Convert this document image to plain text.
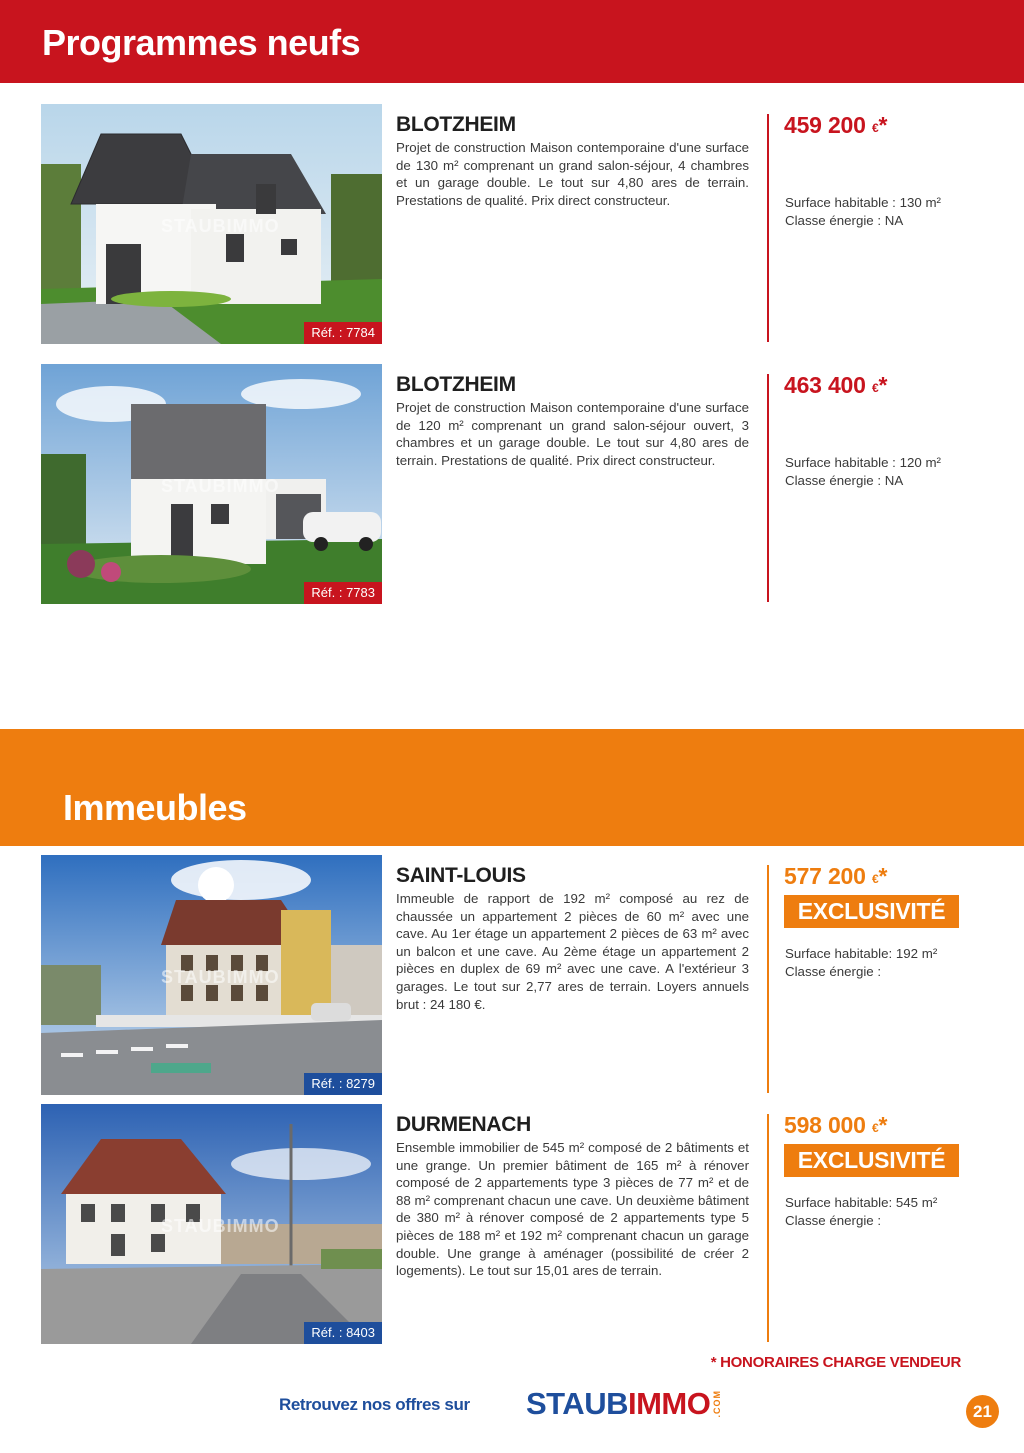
Programmes neufs
STAUBIMMO
Réf. : 7784
BLOTZHEIM
Projet de construction Maison contemporaine d'une surface de 130 m² comprenant un grand salon-séjour, 4 chambres et un garage double. Le tout sur 4,80 ares de terrain. Prestations de qualité. Prix direct constructeur.
459 200 €*
Surface habitable : 130 m²
Classe énergie : NA
STAUBIMMO
Réf. : 7783
BLOTZHEIM
Projet de construction Maison contemporaine d'une surface de 120 m² comprenant un grand salon-séjour ouvert, 3 chambres et un garage double. Le tout sur 4,80 ares de terrain. Prestations de qualité. Prix direct constructeur.
463 400 €*
Surface habitable : 120 m²
Classe énergie : NA
Immeubles
STAUBIMMO
Réf. : 8279
SAINT-LOUIS
Immeuble de rapport de 192 m² composé au rez de chaussée un appartement 2 pièces de 60 m² avec une cave. Au 1er étage un appartement 2 pièces de 63 m² avec un balcon et une cave. Au 2ème étage un appartement 2 pièces en duplex de 69 m² avec une cave. A l'extérieur 3 garages. Le tout sur 2,77 ares de terrain. Loyers annuels brut : 24 180 €.
577 200 €*
EXCLUSIVITÉ
Surface habitable: 192 m²
Classe énergie :
STAUBIMMO
Réf. : 8403
DURMENACH
Ensemble immobilier de 545 m² composé de 2 bâtiments et une grange. Un premier bâtiment de 165 m² à rénover composé de 2 appartements type 3 pièces de 77 m² et de 88 m² comprenant chacun une cave. Un deuxième bâtiment de 380 m² à rénover composé de 2 appartements type 5 pièces de 188 m² et 192 m² comprenant chacun un garage double. Une grange à aménager (possibilité de créer 2 logements). Le tout sur 15,01 ares de terrain.
598 000 €*
EXCLUSIVITÉ
Surface habitable: 545 m²
Classe énergie :
* HONORAIRES CHARGE VENDEUR
Retrouvez nos offres sur STAUB IMMO .COM	21
